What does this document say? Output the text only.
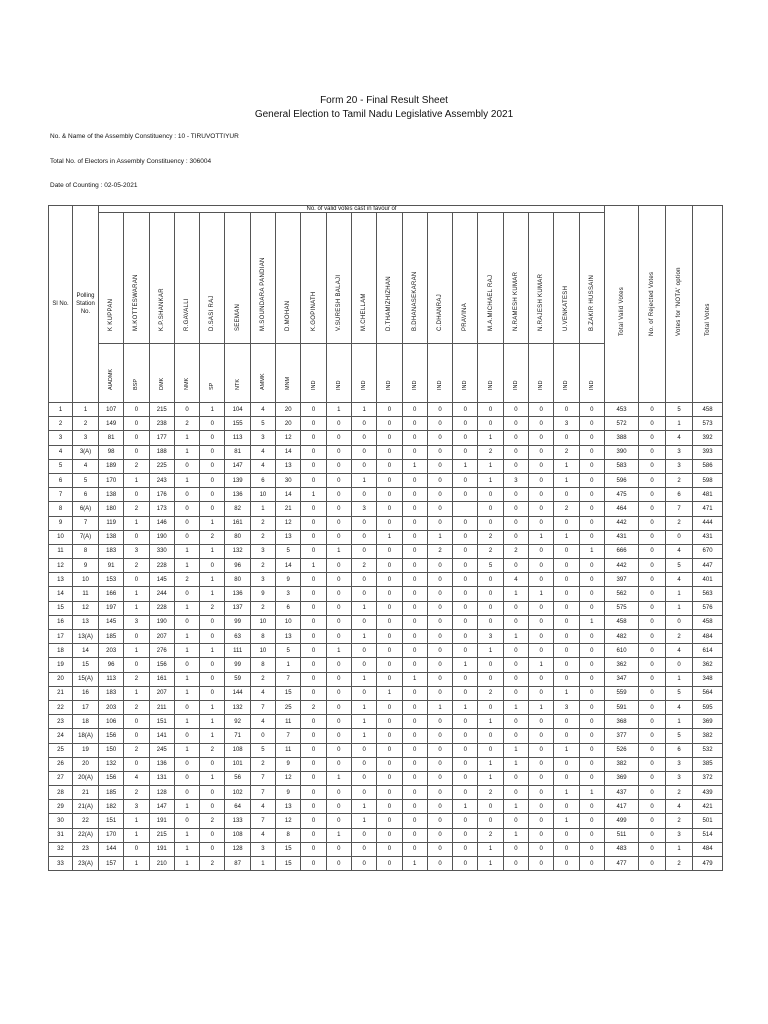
Form 20 - Final Result Sheet
General Election to Tamil Nadu Legislative Assembly 2021
No. & Name of the Assembly Constituency : 10 - TIRUVOTTIYUR
Total No. of Electors in Assembly Constituency : 306004
Date of Counting : 02-05-2021
Sl No.	Polling Station No.	No. of valid votes cast in favour of																				Total Valid Votes	No. of Rejected Votes	Votes for 'NOTA' option	Total Votes

		K KUPPAN	M.KOTTESWARAN	K.P.SHANKAR	R.GAVALLI	D.SASI RAJ	SEEMAN	M.SOUNDARA PANDIAN	D.MOHAN	K.GOPINATH	V.SURESH BALAJI	M.CHELLAM	D.THAMIZHIZHAN	B.DHANASEKARAN	C.DHANRAJ	PRAVINA	M.A.MICHAEL RAJ	N.RAMESH KUMAR	N.RAJESH KUMAR	U.VENKATESH	B.ZAKIR HUSSAIN				

		AIADMK	BSP	DMK	NMK	SP	NTK	AMMK	MNM	IND	IND	IND	IND	IND	IND	IND	IND	IND	IND	IND	IND				

1	1	107	0	215	0	1	104	4	20	0	1	1	0	0	0	0	0	0	0	0	0	453	0	5	458
2	2	149	0	238	2	0	155	5	20	0	0	0	0	0	0	0	0	0	0	3	0	572	0	1	573
3	3	81	0	177	1	0	113	3	12	0	0	0	0	0	0	0	1	0	0	0	0	388	0	4	392
4	3(A)	98	0	188	1	0	81	4	14	0	0	0	0	0	0	0	2	0	0	2	0	390	0	3	393
5	4	189	2	225	0	0	147	4	13	0	0	0	0	1	0	1	1	0	0	1	0	583	0	3	586
6	5	170	1	243	1	0	139	6	30	0	0	1	0	0	0	0	1	3	0	1	0	596	0	2	598
7	6	138	0	176	0	0	136	10	14	1	0	0	0	0	0	0	0	0	0	0	0	475	0	6	481
8	6(A)	180	2	173	0	0	82	1	21	0	0	3	0	0	0		0	0	0	2	0	464	0	7	471
9	7	119	1	146	0	1	161	2	12	0	0	0	0	0	0	0	0	0	0	0	0	442	0	2	444
10	7(A)	138	0	190	0	2	80	2	13	0	0	0	1	0	1	0	2	0	1	1	0	431	0	0	431
11	8	183	3	330	1	1	132	3	5	0	1	0	0	0	2	0	2	2	0	0	1	666	0	4	670
12	9	91	2	228	1	0	96	2	14	1	0	2	0	0	0	0	5	0	0	0	0	442	0	5	447
13	10	153	0	145	2	1	80	3	9	0	0	0	0	0	0	0	0	4	0	0	0	397	0	4	401
14	11	166	1	244	0	1	136	9	3	0	0	0	0	0	0	0	0	1	1	0	0	562	0	1	563
15	12	197	1	228	1	2	137	2	6	0	0	1	0	0	0	0	0	0	0	0	0	575	0	1	576
16	13	145	3	190	0	0	99	10	10	0	0	0	0	0	0	0	0	0	0	0	1	458	0	0	458
17	13(A)	185	0	207	1	0	63	8	13	0	0	1	0	0	0	0	3	1	0	0	0	482	0	2	484
18	14	203	1	276	1	1	111	10	5	0	1	0	0	0	0	0	1	0	0	0	0	610	0	4	614
19	15	96	0	156	0	0	99	8	1	0	0	0	0	0	0	1	0	0	1	0	0	362	0	0	362
20	15(A)	113	2	161	1	0	59	2	7	0	0	1	0	1	0	0	0	0	0	0	0	347	0	1	348
21	16	183	1	207	1	0	144	4	15	0	0	0	1	0	0	0	2	0	0	1	0	559	0	5	564
22	17	203	2	211	0	1	132	7	25	2	0	1	0	0	1	1	0	1	1	3	0	591	0	4	595
23	18	106	0	151	1	1	92	4	11	0	0	1	0	0	0	0	1	0	0	0	0	368	0	1	369
24	18(A)	156	0	141	0	1	71	0	7	0	0	1	0	0	0	0	0	0	0	0	0	377	0	5	382
25	19	150	2	245	1	2	108	5	11	0	0	0	0	0	0	0	0	1	0	1	0	526	0	6	532
26	20	132	0	136	0	0	101	2	9	0	0	0	0	0	0	0	1	1	0	0	0	382	0	3	385
27	20(A)	156	4	131	0	1	56	7	12	0	1	0	0	0	0	0	1	0	0	0	0	369	0	3	372
28	21	185	2	128	0	0	102	7	9	0	0	0	0	0	0	0	2	0	0	1	1	437	0	2	439
29	21(A)	182	3	147	1	0	64	4	13	0	0	1	0	0	0	1	0	1	0	0	0	417	0	4	421
30	22	151	1	191	0	2	133	7	12	0	0	1	0	0	0	0	0	0	0	1	0	499	0	2	501
31	22(A)	170	1	215	1	0	108	4	8	0	1	0	0	0	0	0	2	1	0	0	0	511	0	3	514
32	23	144	0	191	1	0	128	3	15	0	0	0	0	0	0	0	1	0	0	0	0	483	0	1	484
33	23(A)	157	1	210	1	2	87	1	15	0	0	0	0	1	0	0	1	0	0	0	0	477	0	2	479
